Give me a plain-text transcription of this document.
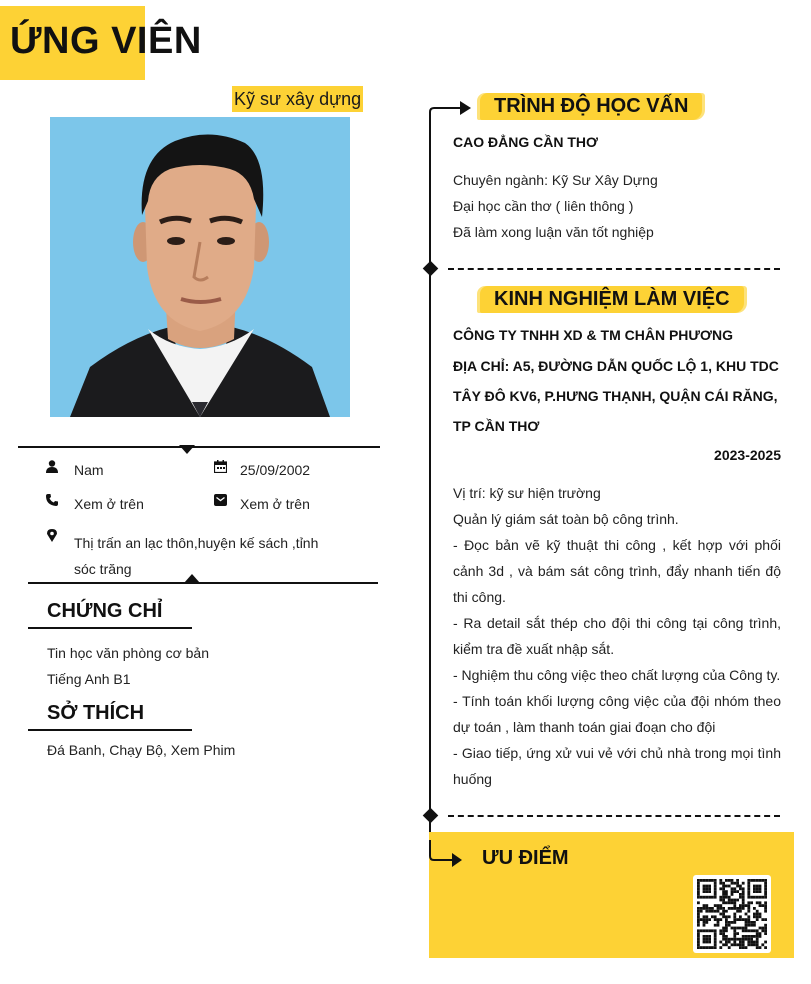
ỨNG VIÊN
Kỹ sư xây dựng
Nam	25/09/2002
Xem ở trên	Xem ở trên
Thị trấn an lạc thôn,huyện kế sách ,tỉnh
sóc trăng
CHỨNG CHỈ
Tin học văn phòng cơ bản
Tiếng Anh B1
SỞ THÍCH
Đá Banh, Chạy Bộ, Xem Phim
TRÌNH ĐỘ HỌC VẤN
CAO ĐẲNG CẦN THƠ
Chuyên ngành: Kỹ Sư Xây Dựng
Đại học cần thơ ( liên thông )
Đã làm xong luận văn tốt nghiệp
KINH NGHIỆM LÀM VIỆC
CÔNG TY TNHH XD & TM CHÂN PHƯƠNG
ĐỊA CHỈ: A5, ĐƯỜNG DẪN QUỐC LỘ 1, KHU TDC
TÂY ĐÔ KV6, P.HƯNG THẠNH, QUẬN CÁI RĂNG,
TP CẦN THƠ
2023-2025
Vị trí: kỹ sư hiện trường
Quản lý giám sát toàn bộ công trình.
- Đọc bản vẽ kỹ thuật thi công , kết hợp với phối cảnh 3d , và bám sát công trình, đẩy nhanh tiến độ thi công.
- Ra detail sắt thép cho đội thi công tại công trình, kiểm tra đề xuất nhập sắt.
- Nghiệm thu công việc theo chất lượng của Công ty.
- Tính toán khối lượng công việc của đội nhóm theo dự toán , làm thanh toán giai đoạn cho đội
- Giao tiếp, ứng xử vui vẻ với chủ nhà trong mọi tình huống
ƯU ĐIỂM
